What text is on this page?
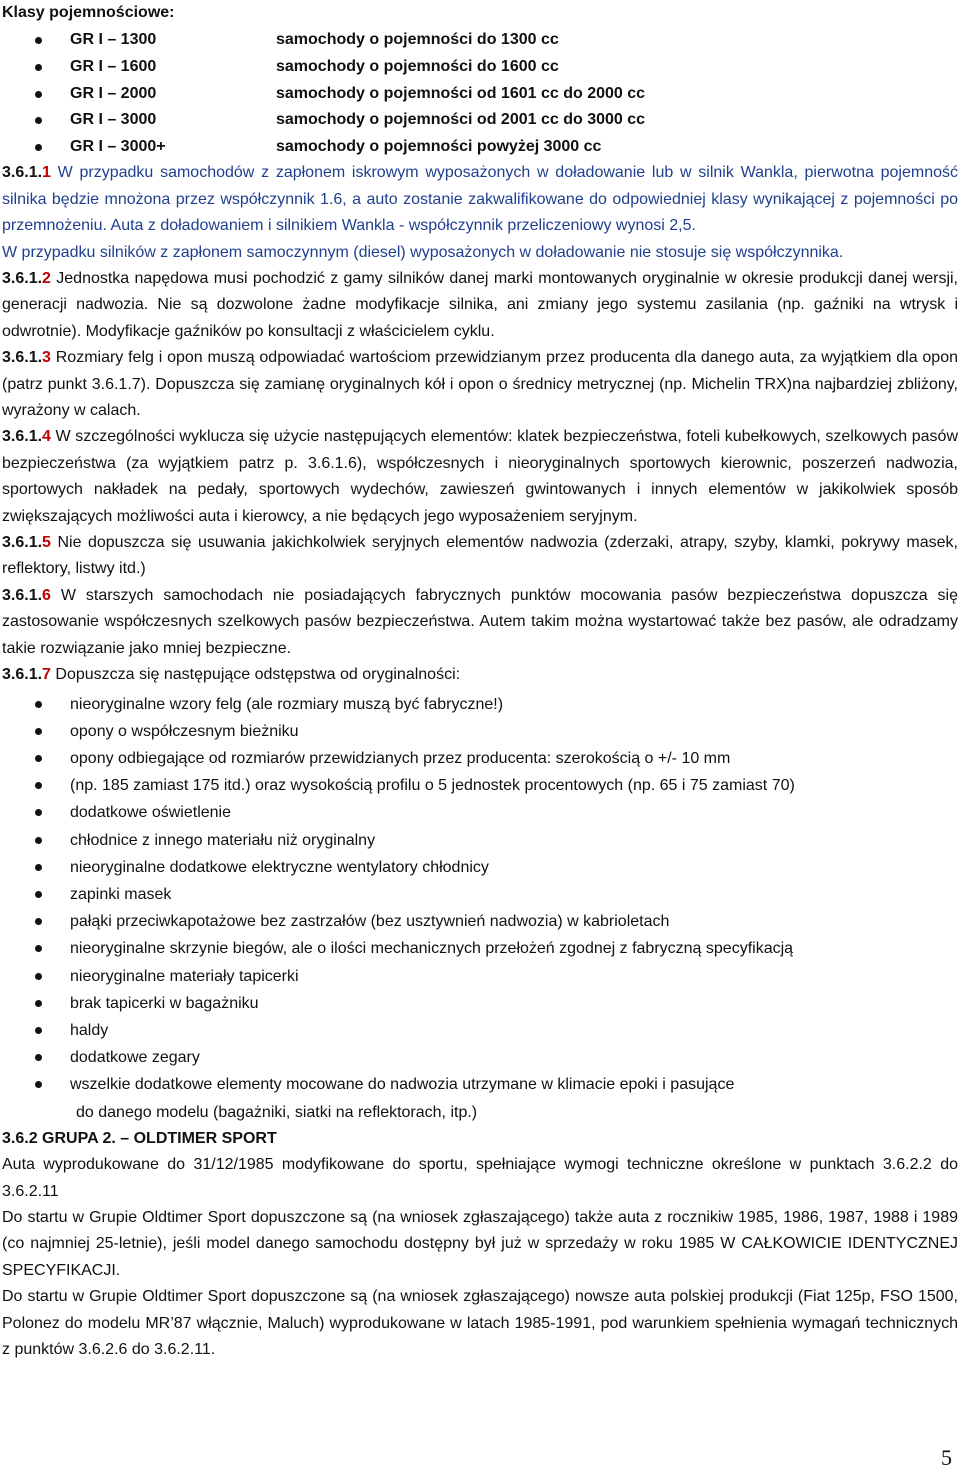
Klasy pojemnościowe:

GR I – 1300	samochody o pojemności do 1300 cc
GR I – 1600	samochody o pojemności do 1600 cc
GR I – 2000	samochody o pojemności od 1601 cc do 2000 cc
GR I – 3000	samochody o pojemności od 2001 cc do 3000 cc
GR I – 3000+	samochody o pojemności powyżej 3000 cc

3.6.1.1 W przypadku samochodów z zapłonem iskrowym wyposażonych w doładowanie lub w silnik Wankla, pierwotna pojemność silnika będzie mnożona przez współczynnik 1.6, a auto zostanie zakwalifikowane do odpowiedniej klasy wynikającej z pojemności po przemnożeniu. Auta z doładowaniem i silnikiem Wankla - współczynnik przeliczeniowy wynosi 2,5.

W przypadku silników z zapłonem samoczynnym (diesel) wyposażonych w doładowanie nie stosuje się współczynnika.

3.6.1.2 Jednostka napędowa musi pochodzić z gamy silników danej marki montowanych oryginalnie w okresie produkcji danej wersji, generacji nadwozia. Nie są dozwolone żadne modyfikacje silnika, ani zmiany jego systemu zasilania (np. gaźniki na wtrysk i odwrotnie). Modyfikacje gaźników po konsultacji z właścicielem cyklu.

3.6.1.3 Rozmiary felg i opon muszą odpowiadać wartościom przewidzianym przez producenta dla danego auta, za wyjątkiem dla opon (patrz punkt 3.6.1.7). Dopuszcza się zamianę oryginalnych kół i opon o średnicy metrycznej (np. Michelin TRX)na najbardziej zbliżony, wyrażony w calach.

3.6.1.4 W szczególności wyklucza się użycie następujących elementów: klatek bezpieczeństwa, foteli kubełkowych, szelkowych pasów bezpieczeństwa (za wyjątkiem patrz p. 3.6.1.6), współczesnych i nieoryginalnych sportowych kierownic, poszerzeń nadwozia, sportowych nakładek na pedały, sportowych wydechów, zawieszeń gwintowanych i innych elementów w jakikolwiek sposób zwiększających możliwości auta i kierowcy, a nie będących jego wyposażeniem seryjnym.

3.6.1.5 Nie dopuszcza się usuwania jakichkolwiek seryjnych elementów nadwozia (zderzaki, atrapy, szyby, klamki, pokrywy masek, reflektory, listwy itd.)

3.6.1.6 W starszych samochodach nie posiadających fabrycznych punktów mocowania pasów bezpieczeństwa dopuszcza się zastosowanie współczesnych szelkowych pasów bezpieczeństwa. Autem takim można wystartować także bez pasów, ale odradzamy takie rozwiązanie jako mniej bezpieczne.

3.6.1.7 Dopuszcza się następujące odstępstwa od oryginalności:

nieoryginalne wzory felg (ale rozmiary muszą być fabryczne!)
opony o współczesnym bieżniku
opony odbiegające od rozmiarów przewidzianych przez producenta: szerokością o +/- 10 mm
(np. 185 zamiast 175 itd.) oraz wysokością profilu o 5 jednostek procentowych (np. 65 i 75 zamiast 70)
dodatkowe oświetlenie
chłodnice z innego materiału niż oryginalny
nieoryginalne dodatkowe elektryczne wentylatory chłodnicy
zapinki masek
pałąki przeciwkapotażowe bez zastrzałów (bez usztywnień nadwozia) w kabrioletach
nieoryginalne skrzynie biegów, ale o ilości mechanicznych przełożeń zgodnej z fabryczną specyfikacją
nieoryginalne materiały tapicerki
brak tapicerki w bagażniku
haldy
dodatkowe zegary
wszelkie dodatkowe elementy mocowane do nadwozia utrzymane w klimacie epoki i pasujące
do danego modelu (bagażniki, siatki na reflektorach, itp.)

3.6.2 GRUPA 2. – OLDTIMER SPORT

Auta wyprodukowane do 31/12/1985 modyfikowane do sportu, spełniające wymogi techniczne określone w punktach 3.6.2.2 do 3.6.2.11

Do startu w Grupie Oldtimer Sport dopuszczone są (na wniosek zgłaszającego) także auta z rocznikiw 1985, 1986, 1987, 1988 i 1989 (co najmniej 25-letnie), jeśli model danego samochodu dostępny był już w sprzedaży w roku 1985 W CAŁKOWICIE IDENTYCZNEJ SPECYFIKACJI.

Do startu w Grupie Oldtimer Sport dopuszczone są (na wniosek zgłaszającego) nowsze auta polskiej produkcji (Fiat 125p, FSO 1500, Polonez do modelu MR’87 włącznie, Maluch) wyprodukowane w latach 1985-1991, pod warunkiem spełnienia wymagań technicznych z punktów 3.6.2.6 do 3.6.2.11.

5
